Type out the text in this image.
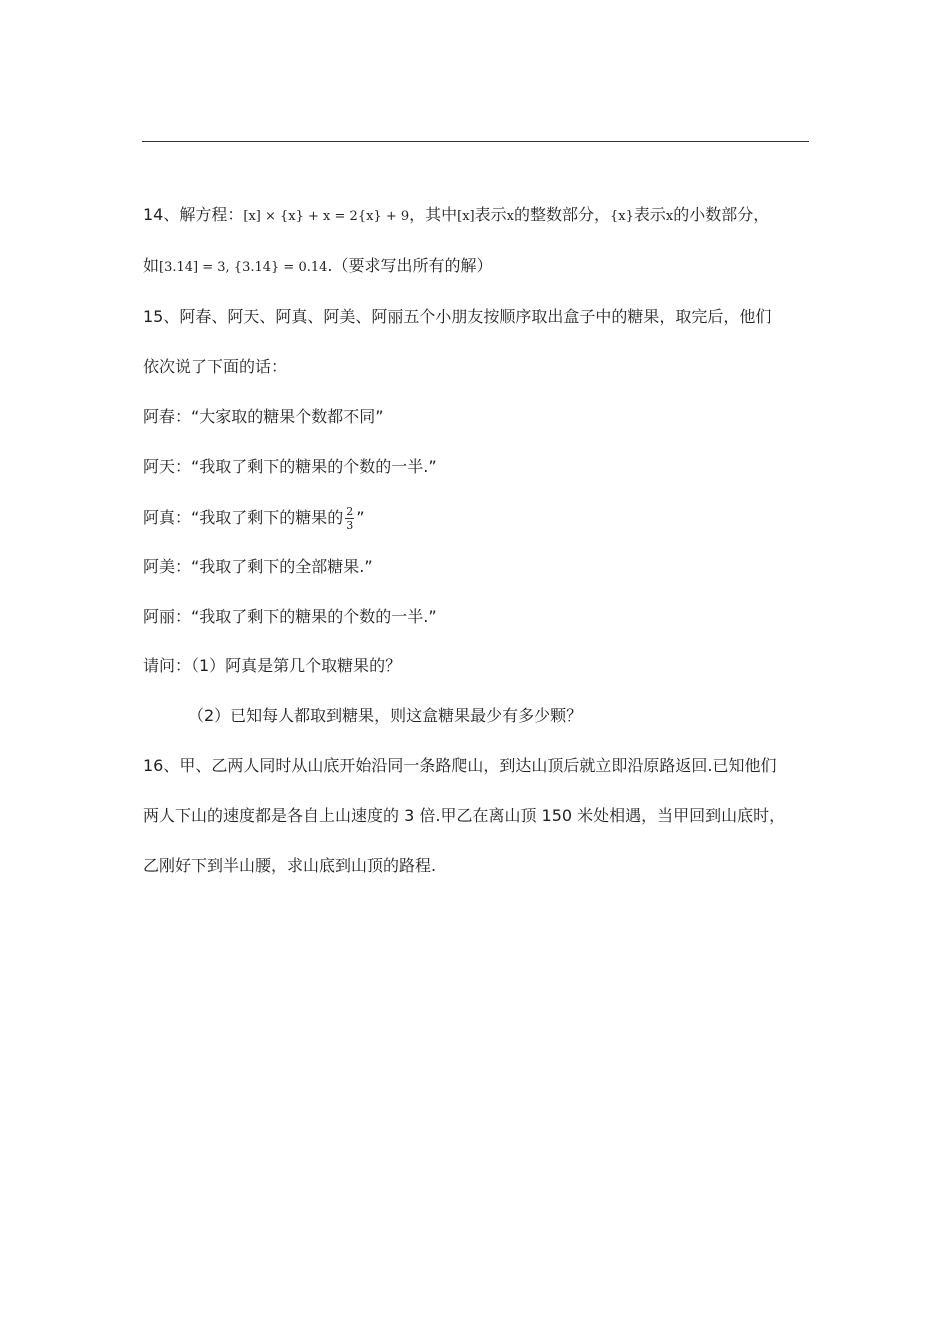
14、解方程：[x] × {x} + x = 2{x} + 9，其中[x]表示x的整数部分，{x}表示x的小数部分，
如[3.14] = 3, {3.14} = 0.14.（要求写出所有的解）
15、阿春、阿天、阿真、阿美、阿丽五个小朋友按顺序取出盒子中的糖果，取完后，他们
依次说了下面的话：
阿春：“大家取的糖果个数都不同”
阿天：“我取了剩下的糖果的个数的一半.”
阿真：“我取了剩下的糖果的 $\frac{2}{3}$ ”
阿美：“我取了剩下的全部糖果.”
阿丽：“我取了剩下的糖果的个数的一半.”
请问：（1）阿真是第几个取糖果的？
（2）已知每人都取到糖果，则这盒糖果最少有多少颗？
16、甲、乙两人同时从山底开始沿同一条路爬山，到达山顶后就立即沿原路返回.已知他们
两人下山的速度都是各自上山速度的 3 倍.甲乙在离山顶 150 米处相遇，当甲回到山底时，
乙刚好下到半山腰，求山底到山顶的路程.
